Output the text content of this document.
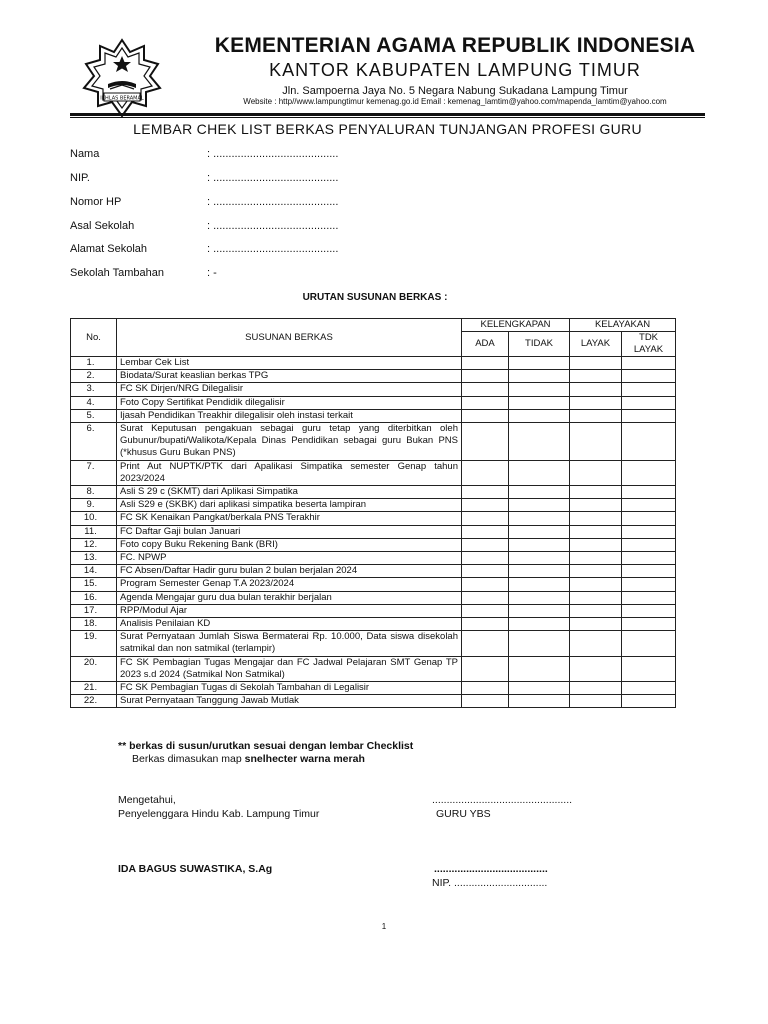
IKHLAS BERAMAL
KEMENTERIAN AGAMA REPUBLIK INDONESIA
KANTOR KABUPATEN LAMPUNG TIMUR
Jln. Sampoerna Jaya No. 5 Negara Nabung Sukadana Lampung Timur
Website : http//www.lampungtimur kemenag.go.id Email : kemenag_lamtim@yahoo.com/mapenda_lamtim@yahoo.com
LEMBAR CHEK LIST BERKAS PENYALURAN TUNJANGAN PROFESI GURU
Nama	: .........................................
NIP.	: .........................................
Nomor HP	: .........................................
Asal Sekolah	: .........................................
Alamat Sekolah	: .........................................
Sekolah Tambahan	: -
URUTAN SUSUNAN BERKAS :
No.	SUSUNAN BERKAS	KELENGKAPAN		KELAYAKAN	
		ADA	TIDAK	LAYAK	TDK LAYAK
1.	Lembar Cek List				
2.	Biodata/Surat keaslian berkas TPG				
3.	FC SK Dirjen/NRG Dilegalisir				
4.	Foto Copy Sertifikat Pendidik dilegalisir				
5.	Ijasah Pendidikan Treakhir dilegalisir oleh instasi terkait				
6.	Surat Keputusan pengakuan sebagai guru tetap yang diterbitkan oleh Gubunur/bupati/Walikota/Kepala Dinas Pendidikan sebagai guru Bukan PNS (*khusus Guru Bukan PNS)				
7.	Print Aut NUPTK/PTK dari Apalikasi Simpatika semester Genap tahun 2023/2024				
8.	Asli S 29 c (SKMT) dari Aplikasi Simpatika				
9.	Asli S29 e (SKBK) dari aplikasi simpatika beserta lampiran				
10.	FC SK Kenaikan Pangkat/berkala PNS Terakhir				
11.	FC Daftar Gaji bulan Januari				
12.	Foto copy Buku Rekening Bank (BRI)				
13.	FC. NPWP				
14.	FC Absen/Daftar Hadir guru bulan 2 bulan berjalan 2024				
15.	Program Semester Genap T.A 2023/2024				
16.	Agenda Mengajar guru dua bulan terakhir berjalan				
17.	RPP/Modul Ajar				
18.	Analisis Penilaian KD				
19.	Surat Pernyataan Jumlah Siswa Bermaterai Rp. 10.000, Data siswa disekolah satmikal dan non satmikal (terlampir)				
20.	FC SK Pembagian Tugas Mengajar dan FC Jadwal Pelajaran SMT Genap TP 2023 s.d 2024 (Satmikal Non Satmikal)				
21.	FC SK Pembagian Tugas di Sekolah Tambahan di Legalisir				
22.	Surat Pernyataan Tanggung Jawab Mutlak				
** berkas di susun/urutkan sesuai dengan lembar Checklist
Berkas dimasukan map snelhecter warna merah
Mengetahui,
Penyelenggara Hindu Kab. Lampung Timur
IDA BAGUS SUWASTIKA, S.Ag
................................................
GURU YBS
.......................................
NIP. ................................
1
